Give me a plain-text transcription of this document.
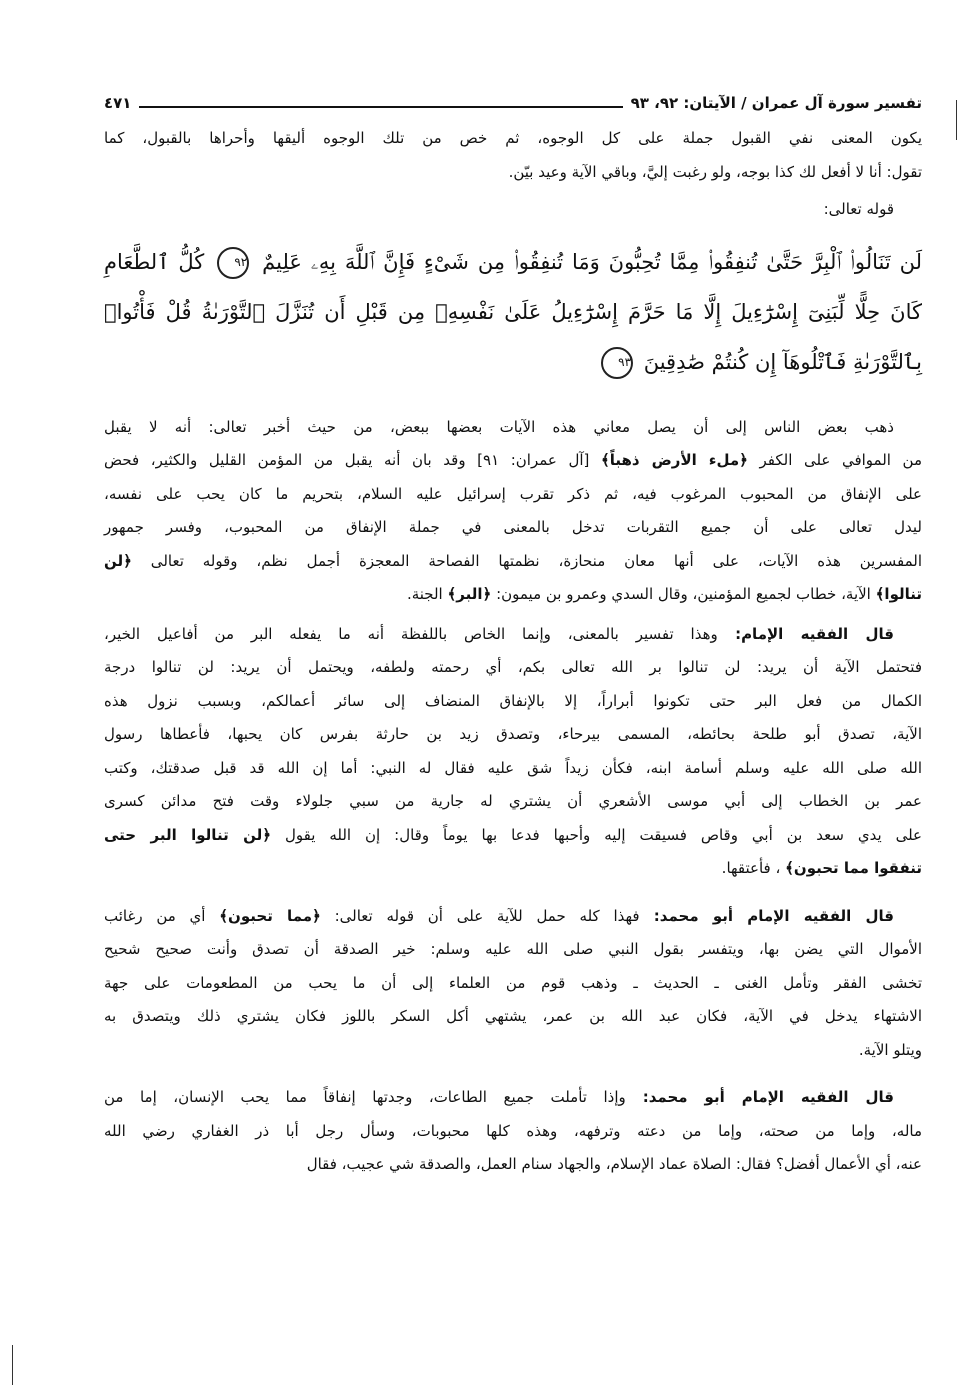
تفسير سورة آل عمران / الآيتان: ٩٢، ٩٣
٤٧١
يكون المعنى نفي القبول جملة على كل الوجوه، ثم خص من تلك الوجوه أليقها وأحراها بالقبول، كما
تقول: أنا لا أفعل لك كذا بوجه، ولو رغبت إليَّ، وباقي الآية وعيد بيّن.
قوله تعالى:
لَن تَنَالُوا۟ ٱلْبِرَّ حَتَّىٰ تُنفِقُوا۟ مِمَّا تُحِبُّونَ وَمَا تُنفِقُوا۟ مِن شَىْءٍ فَإِنَّ ٱللَّهَ بِهِۦ عَلِيمٌ ٩٢ كُلُّ ٱلطَّعَامِ
كَانَ حِلًّا لِّبَنِىٓ إِسْرَٰٓءِيلَ إِلَّا مَا حَرَّمَ إِسْرَٰٓءِيلُ عَلَىٰ نَفْسِهِۦ مِن قَبْلِ أَن تُنَزَّلَ ٱلتَّوْرَىٰةُ قُلْ فَأْتُوا۟
بِٱلتَّوْرَىٰةِ فَٱتْلُوهَآ إِن كُنتُمْ صَٰدِقِينَ ٩٣
ذهب بعض الناس إلى أن يصل معاني هذه الآيات بعضها ببعض، من حيث أخبر تعالى: أنه لا يقبل
من الموافي على الكفر ﴿ملء الأرض ذهباً﴾ [آل عمران: ٩١] وقد بان أنه يقبل من المؤمن القليل والكثير، فحض
على الإنفاق من المحبوب المرغوب فيه، ثم ذكر تقرب إسرائيل عليه السلام، بتحريم ما كان يحب على نفسه،
ليدل تعالى على أن جميع التقربات تدخل بالمعنى في جملة الإنفاق من المحبوب، وفسر جمهور
المفسرين هذه الآيات، على أنها معان منحازة، نظمتها الفصاحة المعجزة أجمل نظم، وقوله تعالى ﴿لن
تنالوا﴾ الآية، خطاب لجميع المؤمنين، وقال السدي وعمرو بن ميمون: ﴿البر﴾ الجنة.
قال الفقيه الإمام: وهذا تفسير بالمعنى، وإنما الخاص باللفظة أنه ما يفعله البر من أفاعيل الخير،
فتحتمل الآية أن يريد: لن تنالوا بر الله تعالى بكم، أي رحمته ولطفه، ويحتمل أن يريد: لن تنالوا درجة
الكمال من فعل البر حتى تكونوا أبراراً، إلا بالإنفاق المنضاف إلى سائر أعمالكم، وبسبب نزول هذه
الآية، تصدق أبو طلحة بحائطه، المسمى بيرحاء، وتصدق زيد بن حارثة بفرس كان يحبها، فأعطاها رسول
الله صلى الله عليه وسلم أسامة ابنه، فكأن زيداً شق عليه فقال له النبي: أما إن الله قد قبل صدقتك، وكتب
عمر بن الخطاب إلى أبي موسى الأشعري أن يشتري له جارية من سبي جلولاء وقت فتح مدائن كسرى
على يدي سعد بن أبي وقاص فسيقت إليه وأحبها فدعا بها يوماً وقال: إن الله يقول ﴿لن تنالوا البر حتى
تنفقوا مما تحبون﴾ ، فأعتقها.
قال الفقيه الإمام أبو محمد: فهذا كله حمل للآية على أن قوله تعالى: ﴿مما تحبون﴾ أي من رغائب
الأموال التي يضن بها، ويتفسر بقول النبي صلى الله عليه وسلم: خير الصدقة أن تصدق وأنت صحيح شحيح
تخشى الفقر وتأمل الغنى ـ الحديث ـ وذهب قوم من العلماء إلى أن ما يحب من المطعومات على جهة
الاشتهاء يدخل في الآية، فكان عبد الله بن عمر، يشتهي أكل السكر باللوز فكان يشتري ذلك ويتصدق به
ويتلو الآية.
قال الفقيه الإمام أبو محمد: وإذا تأملت جميع الطاعات، وجدتها إنفاقاً مما يحب الإنسان، إما من
ماله، وإما من صحته، وإما من دعته وترفهه، وهذه كلها محبوبات، وسأل رجل أبا ذر الغفاري رضي الله
عنه، أي الأعمال أفضل؟ فقال: الصلاة عماد الإسلام، والجهاد سنام العمل، والصدقة شي عجيب، فقال
